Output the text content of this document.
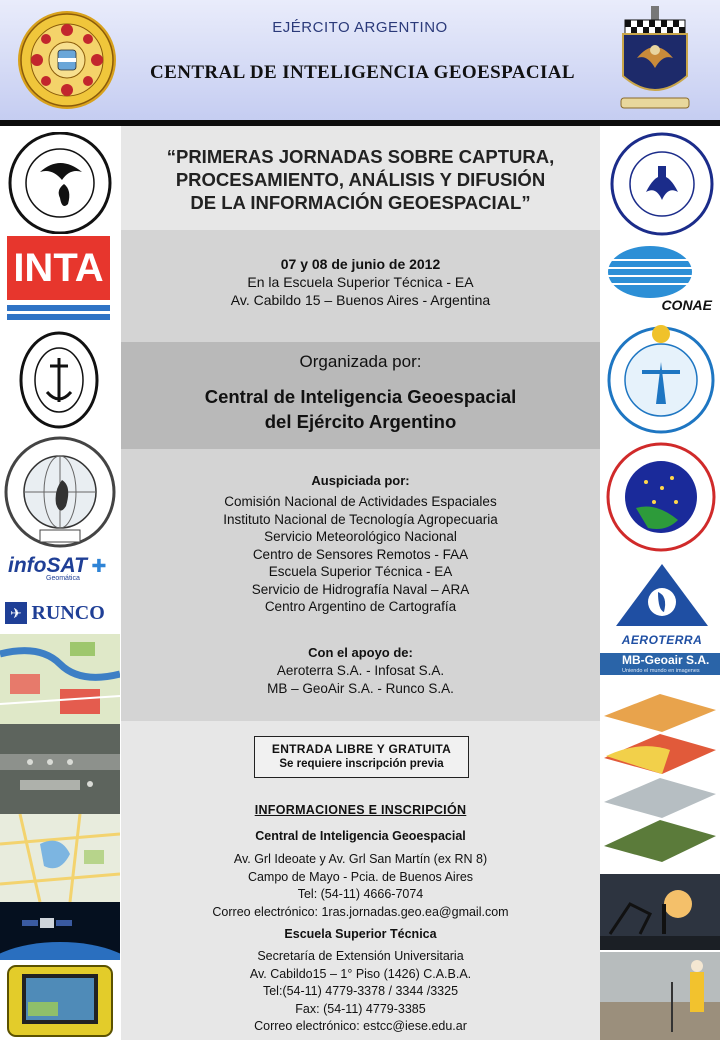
EJÉRCITO ARGENTINO
CENTRAL DE INTELIGENCIA GEOESPACIAL
INTA
infoSAT ✚
Geomática
✈ RUNCO
CONAE
AEROTERRA
MB-Geoair S.A.
Uniendo el mundo en imagenes
“PRIMERAS JORNADAS SOBRE CAPTURA,
PROCESAMIENTO, ANÁLISIS Y DIFUSIÓN
DE LA INFORMACIÓN GEOESPACIAL”
07 y 08 de junio de 2012
En la Escuela Superior Técnica - EA
Av. Cabildo 15 – Buenos Aires - Argentina
Organizada por:
Central de Inteligencia Geoespacial
del Ejército Argentino
Auspiciada por:
Comisión Nacional de Actividades Espaciales
Instituto Nacional de Tecnología Agropecuaria
Servicio Meteorológico Nacional
Centro de Sensores Remotos - FAA
Escuela Superior Técnica - EA
Servicio de Hidrografía Naval – ARA
Centro Argentino de Cartografía
Con el apoyo de:
Aeroterra S.A. - Infosat S.A.
MB – GeoAir S.A. - Runco S.A.
ENTRADA LIBRE Y GRATUITA
Se requiere inscripción previa
INFORMACIONES E INSCRIPCIÓN
Central de Inteligencia Geoespacial
Av. Grl Ideoate y Av. Grl San Martín (ex RN 8)
Campo de Mayo - Pcia. de Buenos Aires
Tel: (54-11) 4666-7074
Correo electrónico: 1ras.jornadas.geo.ea@gmail.com
Escuela Superior Técnica
Secretaría de Extensión Universitaria
Av. Cabildo15 – 1° Piso (1426) C.A.B.A.
Tel:(54-11) 4779-3378 / 3344 /3325
Fax: (54-11) 4779-3385
Correo electrónico: estcc@iese.edu.ar
